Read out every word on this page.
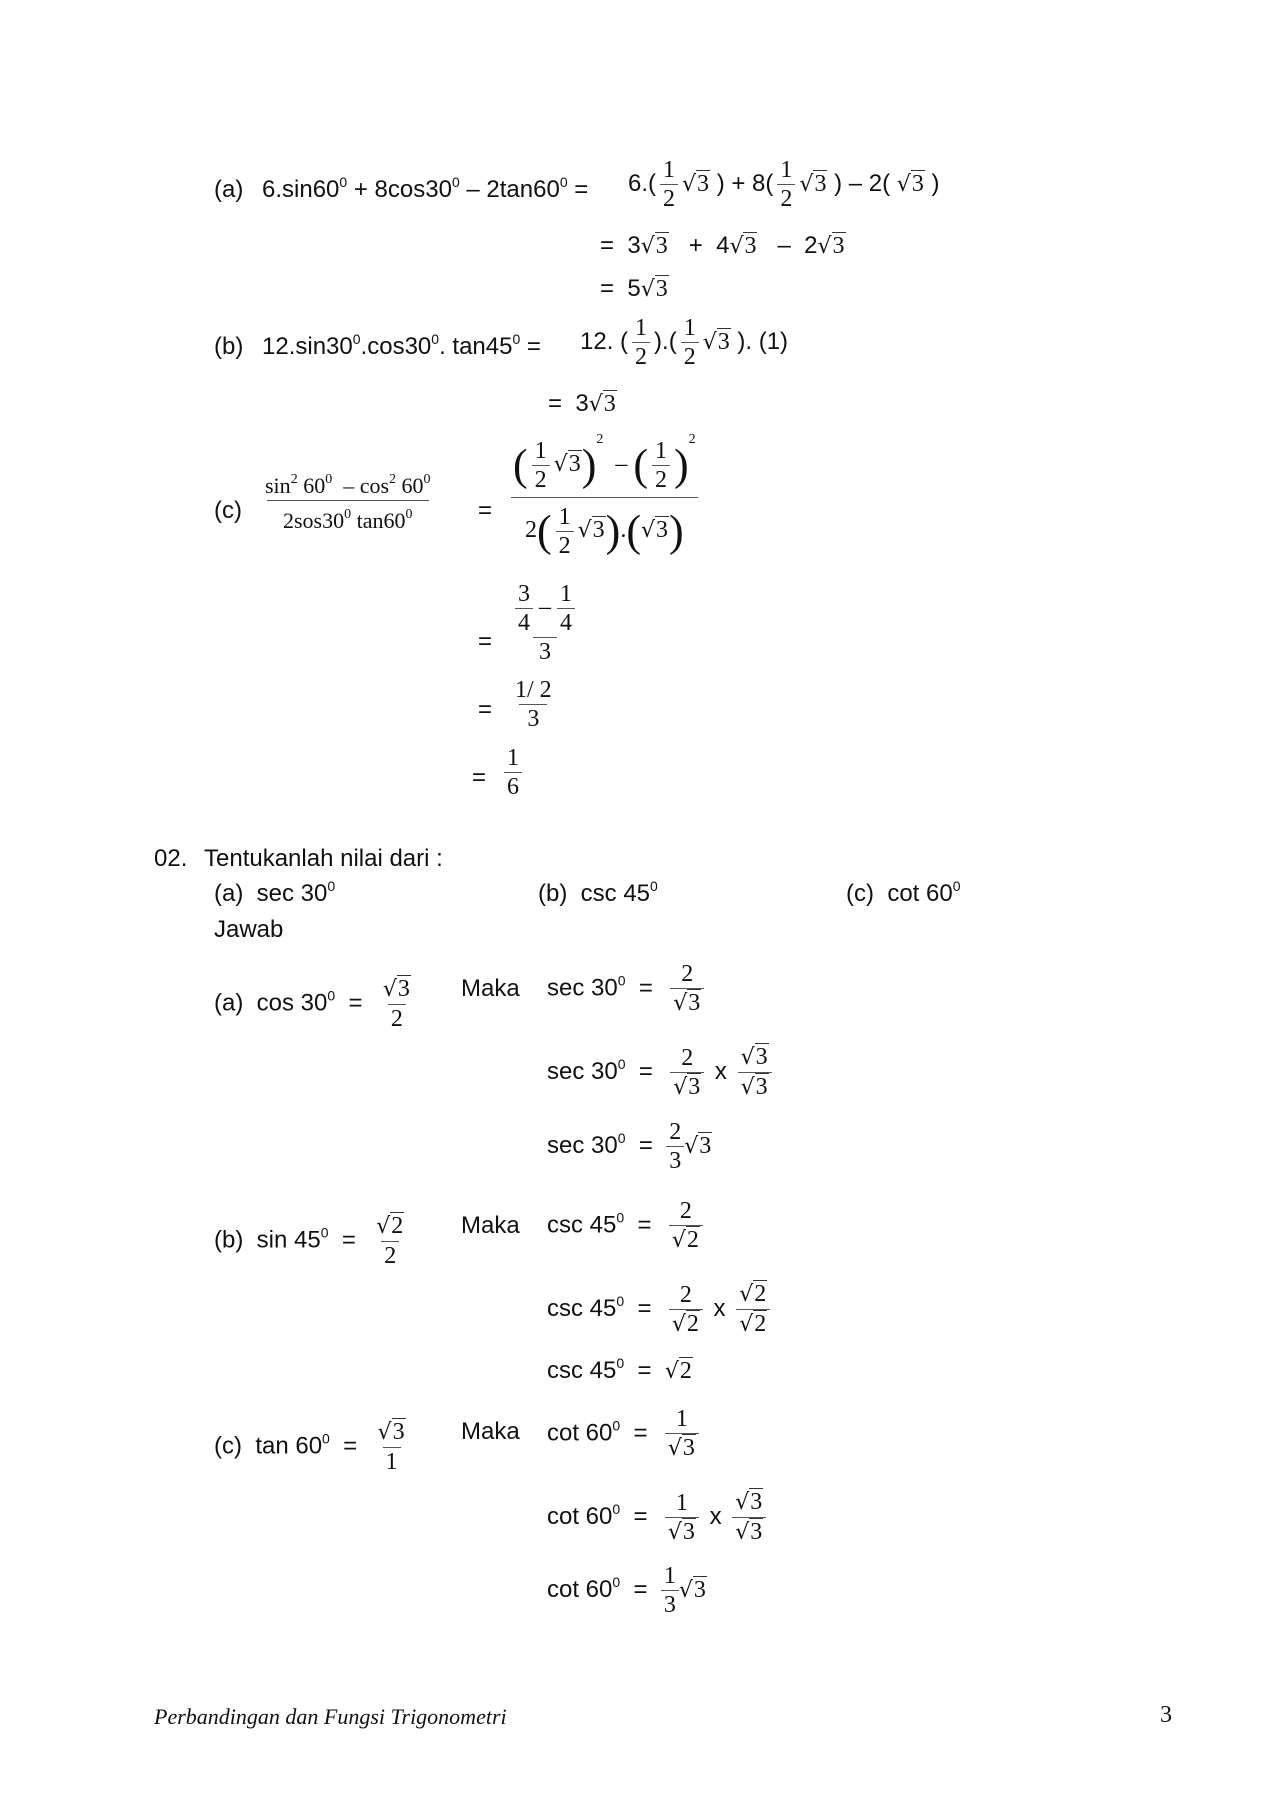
(a) $6.\sin 60^0 + 8\cos 30^0 - 2\tan 60^0 = 6.( \frac{1}{2} √3$ ) + $8( \frac{1}{2} √3$ ) – 2( √3 )
=  3√3   +  4√3   –  2√3
=  5√3
(b) $12.\sin 30^0.\cos 30^0$. $\tan 45^0 = 12$. ( $\frac{1}{2}$ ).( $\frac{1}{2} √3$ ). (1)
=  3√3
(c)
$\sin^2 60^0 - \cos^2 60^0$
$2sos30^0$ $\tan 60^0$	= $\frac{( \frac{1}{2} √3)^2 - ( \frac{1}{2} )^2}{2( \frac{1}{2} √3).(√3)}$
= $\frac{\frac{3}{4} - \frac{1}{4}}{3}$
= $\frac{1/ 2}{3}$
= $\frac{1}{6}$
02. Tentukanlah nilai dari :
(a)  $\sec 30^0$	(b)  $\csc 45^0$	(c)  $\cot 60^0$
Jawab
(a)  $\cos 30^0 = \frac{√3}{2}$ Maka $\sec 30^0 = \frac{2}{√3}$
$\sec 30^0 = \frac{2}{√3}$ x $\frac{√3}{√3}$
$\sec 30^0 = \frac{2}{3} √3$
(b)  $\sin 45^0 = \frac{√2}{2}$ Maka $\csc 45^0 = \frac{2}{√2}$
$\csc 45^0 = \frac{2}{√2}$ x $\frac{√2}{√2}$
$\csc 45^0 = √2$
(c)  $\tan 60^0 = \frac{√3}{1}$ Maka $\cot 60^0 = \frac{1}{√3}$
$\cot 60^0 = \frac{1}{√3}$ x $\frac{√3}{√3}$
$\cot 60^0 = \frac{1}{3} √3$
Perbandingan dan Fungsi Trigonometri	3
